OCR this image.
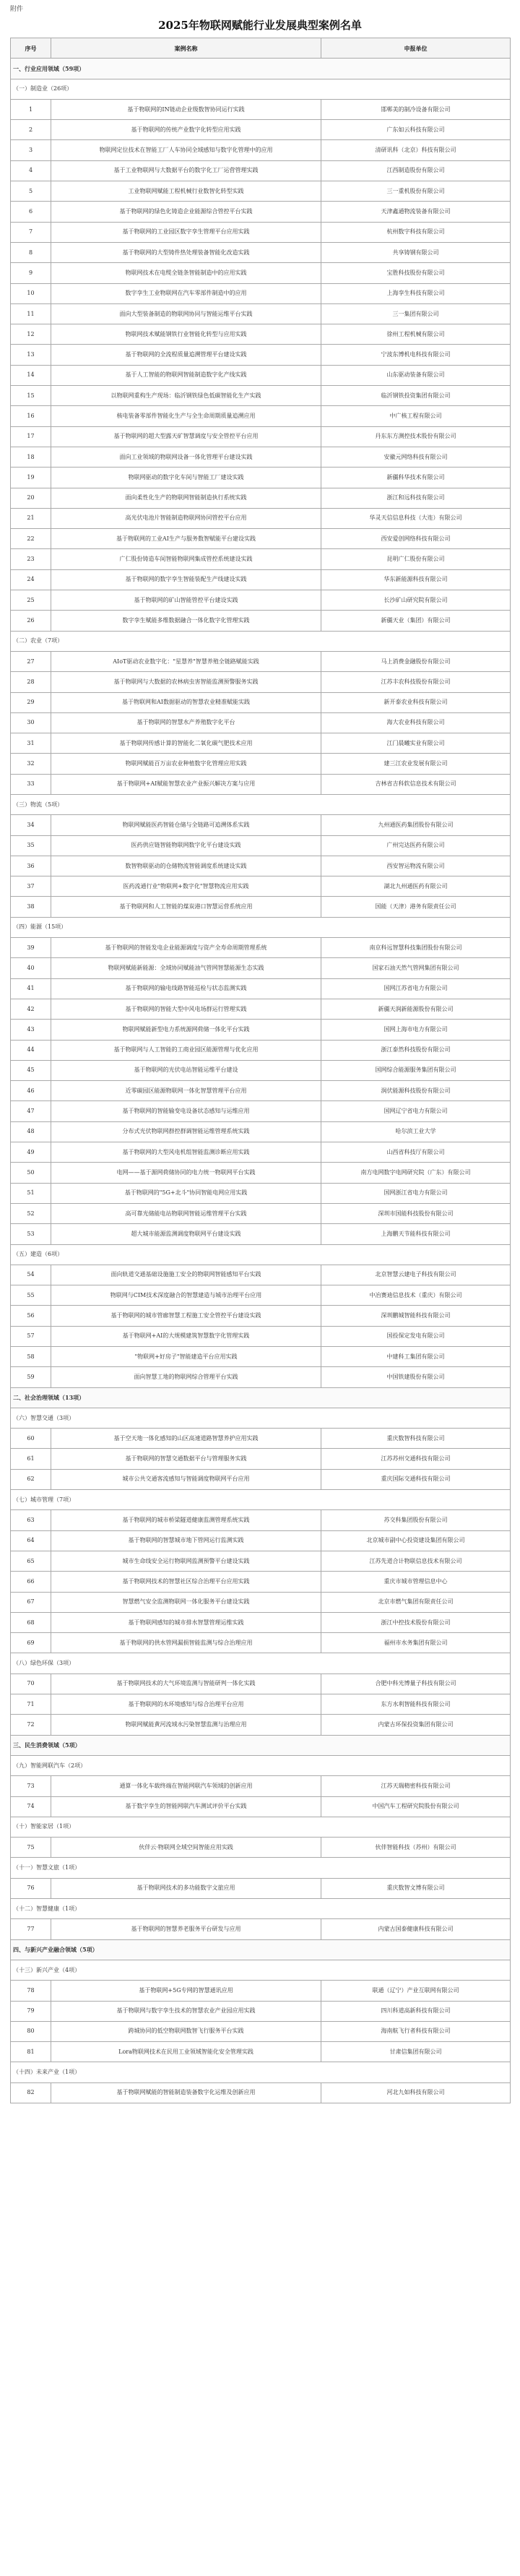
附件
2025年物联网赋能行业发展典型案例名单
序号	案例名称	申报单位
一、行业应用领域（59项）		
（一）制造业（26项）		
1	基于物联网的IN链动企业级数智协同运行实践	邯郸美的制冷设备有限公司
2	基于物联网的传统产业数字化转型应用实践	广东如云科技有限公司
3	物联网定位技术在智能工厂人车协同全域感知与数字化管理中的应用	清研讯科（北京）科技有限公司
4	基于工业物联网与大数据平台的数字化工厂运营管理实践	江西制造股份有限公司
5	工业物联网赋能工程机械行业数智化转型实践	三一重机股份有限公司
6	基于物联网的绿色化铸造企业能源综合管控平台实践	天津鑫通物流装备有限公司
7	基于物联网的工业园区数字孪生管理平台应用实践	杭州数字科技有限公司
8	基于物联网的大型铸件热处理装备智能化改造实践	共享铸钢有限公司
9	物联网技术在电缆全链条智能制造中的应用实践	宝胜科技股份有限公司
10	数字孪生工业物联网在汽车零部件制造中的应用	上海孪生科技有限公司
11	面向大型装备制造的物联网协同与智能运维平台实践	三一集团有限公司
12	物联网技术赋能钢铁行业智能化转型与应用实践	徐州工程机械有限公司
13	基于物联网的全流程质量追溯管理平台建设实践	宁波东博机电科技有限公司
14	基于人工智能的物联网智能制造数字化产线实践	山东驱动装备有限公司
15	以物联网重构生产现场：临沂钢铁绿色低碳智能化生产实践	临沂钢铁投资集团有限公司
16	核电装备零部件智能化生产与全生命周期质量追溯应用	中广核工程有限公司
17	基于物联网的超大型露天矿智慧调度与安全管控平台应用	丹东东方测控技术股份有限公司
18	面向工业领域的物联网设备一体化管理平台建设实践	安徽元网络科技有限公司
19	物联网驱动的数字化车间与智能工厂建设实践	新疆科华技术有限公司
20	面向柔性化生产的物联网智能制造执行系统实践	浙江和远科技有限公司
21	高光伏电池片智能制造物联网协同管控平台应用	华灵天信信息科技（大连）有限公司
22	基于物联网的工业AI生产与服务数智赋能平台建设实践	西安爱创网络科技有限公司
23	广仁股份铸造车间智能物联网集成管控系统建设实践	昆明广仁股份有限公司
24	基于物联网的数字孪生智能装配生产线建设实践	华东新能源科技有限公司
25	基于物联网的矿山智能管控平台建设实践	长沙矿山研究院有限公司
26	数字孪生赋能多维数据融合一体化数字化管理实践	新疆天业（集团）有限公司
（二）农业（7项）		
27	AIoT驱动农业数字化："星慧养"智慧养殖全链路赋能实践	马上消费金融股份有限公司
28	基于物联网与大数据的农林病虫害智能监测预警服务实践	江苏丰农科技股份有限公司
29	基于物联网和AI数据驱动的智慧农业精准赋能实践	新开泰农业科技有限公司
30	基于物联网的智慧水产养殖数字化平台	海大农业科技有限公司
31	基于物联网传感计算的智能化二氧化碳气肥技术应用	江门晨曦实业有限公司
32	物联网赋能百万亩农业种植数字化管理应用实践	建三江农业发展有限公司
33	基于物联网+AI赋能智慧农业产业振兴解决方案与应用	吉林省吉科软信息技术有限公司
（三）物流（5项）		
34	物联网赋能医药智能仓储与全链路可追溯体系实践	九州通医药集团股份有限公司
35	医药供应链智能物联网数字化平台建设实践	广州完达医药有限公司
36	数智物联驱动的仓储物流智能调度系统建设实践	西安智运物流有限公司
37	医药流通行业"物联网+数字化"智慧物流应用实践	湖北九州通医药有限公司
38	基于物联网和人工智能的煤炭港口智慧运营系统应用	国能（天津）港务有限责任公司
（四）能源（15项）		
39	基于物联网的智能发电企业能源调度与资产全寿命周期管理系统	南京科远智慧科技集团股份有限公司
40	物联网赋能新能源：全域协同赋能油气管网智慧能源生态实践	国家石油天然气管网集团有限公司
41	基于物联网的输电线路智能巡检与状态监测实践	国网江苏省电力有限公司
42	基于物联网的智能大型中风电场群运行管理实践	新疆天润新能源股份有限公司
43	物联网赋能新型电力系统源网荷储一体化平台实践	国网上海市电力有限公司
44	基于物联网与人工智能的工商业园区能源管理与优化应用	浙江泰然科技股份有限公司
45	基于物联网的光伏电站智能运维平台建设	国网综合能源服务集团有限公司
46	近零碳园区能源物联网一体化智慧管理平台应用	润伏能源科技股份有限公司
47	基于物联网的智能输变电设备状态感知与运维应用	国网辽宁省电力有限公司
48	分布式光伏物联网群控群调智能运维管理系统实践	哈尔滨工业大学
49	基于物联网的大型风电机组智能监测诊断应用实践	山西省科技厅有限公司
50	电网——基于源网荷储协同的电力统一物联网平台实践	南方电网数字电网研究院（广东）有限公司
51	基于物联网的"5G+北斗"协同智能电网应用实践	国网浙江省电力有限公司
52	高可靠光储能电站物联网智能运维管理平台实践	深圳市国能科技股份有限公司
53	超大城市能源监测调度物联网平台建设实践	上海鹏天节能科技有限公司
（五）建造（6项）		
54	面向轨道交通基础设施施工安全的物联网智能感知平台实践	北京智慧云建电子科技有限公司
55	物联网与CIM技术深度融合的智慧建造与城市治理平台应用	中冶赛迪信息技术（重庆）有限公司
56	基于物联网的城市管廊智慧工程施工安全管控平台建设实践	深圳鹏城智能科技有限公司
57	基于物联网+AI的大规模建筑智慧数字化管理实践	国投保定发电有限公司
58	"物联网+好房子"智能建造平台应用实践	中建科工集团有限公司
59	面向智慧工地的物联网综合管理平台实践	中国铁建股份有限公司
二、社会治理领域（13项）		
（六）智慧交通（3项）		
60	基于空天地一体化感知的山区高速道路智慧养护应用实践	重庆数智科技有限公司
61	基于物联网的智慧交通数据平台与管理服务实践	江苏苏州交通科技有限公司
62	城市公共交通客流感知与智能调度物联网平台应用	重庆国际交通科技有限公司
（七）城市管理（7项）		
63	基于物联网的城市桥梁隧道健康监测管理系统实践	苏交科集团股份有限公司
64	基于物联网的智慧城市地下管网运行监测实践	北京城市副中心投资建设集团有限公司
65	城市生命线安全运行物联网监测预警平台建设实践	江苏先道合计物联信息技术有限公司
66	基于物联网技术的智慧社区综合治理平台应用实践	重庆市城市管理信息中心
67	智慧燃气安全监测物联网一体化服务平台建设实践	北京市燃气集团有限责任公司
68	基于物联网感知的城市排水智慧管理运维实践	浙江中控技术股份有限公司
69	基于物联网的供水管网漏损智能监测与综合治理应用	福州市水务集团有限公司
（八）绿色环保（3项）		
70	基于物联网技术的大气环境监测与智能研判一体化实践	合肥中科光博量子科技有限公司
71	基于物联网的水环境感知与综合治理平台应用	东方水利智能科技有限公司
72	物联网赋能黄河流域水污染智慧监测与治理应用	内蒙古环保投资集团有限公司
三、民生消费领域（5项）		
（九）智能网联汽车（2项）		
73	通算一体化车载终端在智能网联汽车领域的创新应用	江苏天瑞精密科技有限公司
74	基于数字孪生的智能网联汽车测试评价平台实践	中国汽车工程研究院股份有限公司
（十）智能家居（1项）		
75	伙伴云·物联网全域空间智能应用实践	伙伴智能科技（苏州）有限公司
（十一）智慧文旅（1项）		
76	基于物联网技术的多功能数字文旅应用	重庆数智文博有限公司
（十二）智慧健康（1项）		
77	基于物联网的智慧养老服务平台研发与应用	内蒙古国泰健康科技有限公司
四、与新兴产业融合领域（5项）		
（十三）新兴产业（4项）		
78	基于物联网+5G专网的智慧通讯应用	联通（辽宁）产业互联网有限公司
79	基于物联网与数字孪生技术的智慧农业产业园应用实践	四川科道高新科技有限公司
80	跨城协同的低空物联网数智飞行服务平台实践	海南航飞行者科技有限公司
81	Lora物联网技术在民用工业领域智能化安全管理实践	甘肃信集团有限公司
（十四）未来产业（1项）		
82	基于物联网赋能的智能制造装备数字化运维及创新应用	河北九如科技有限公司
